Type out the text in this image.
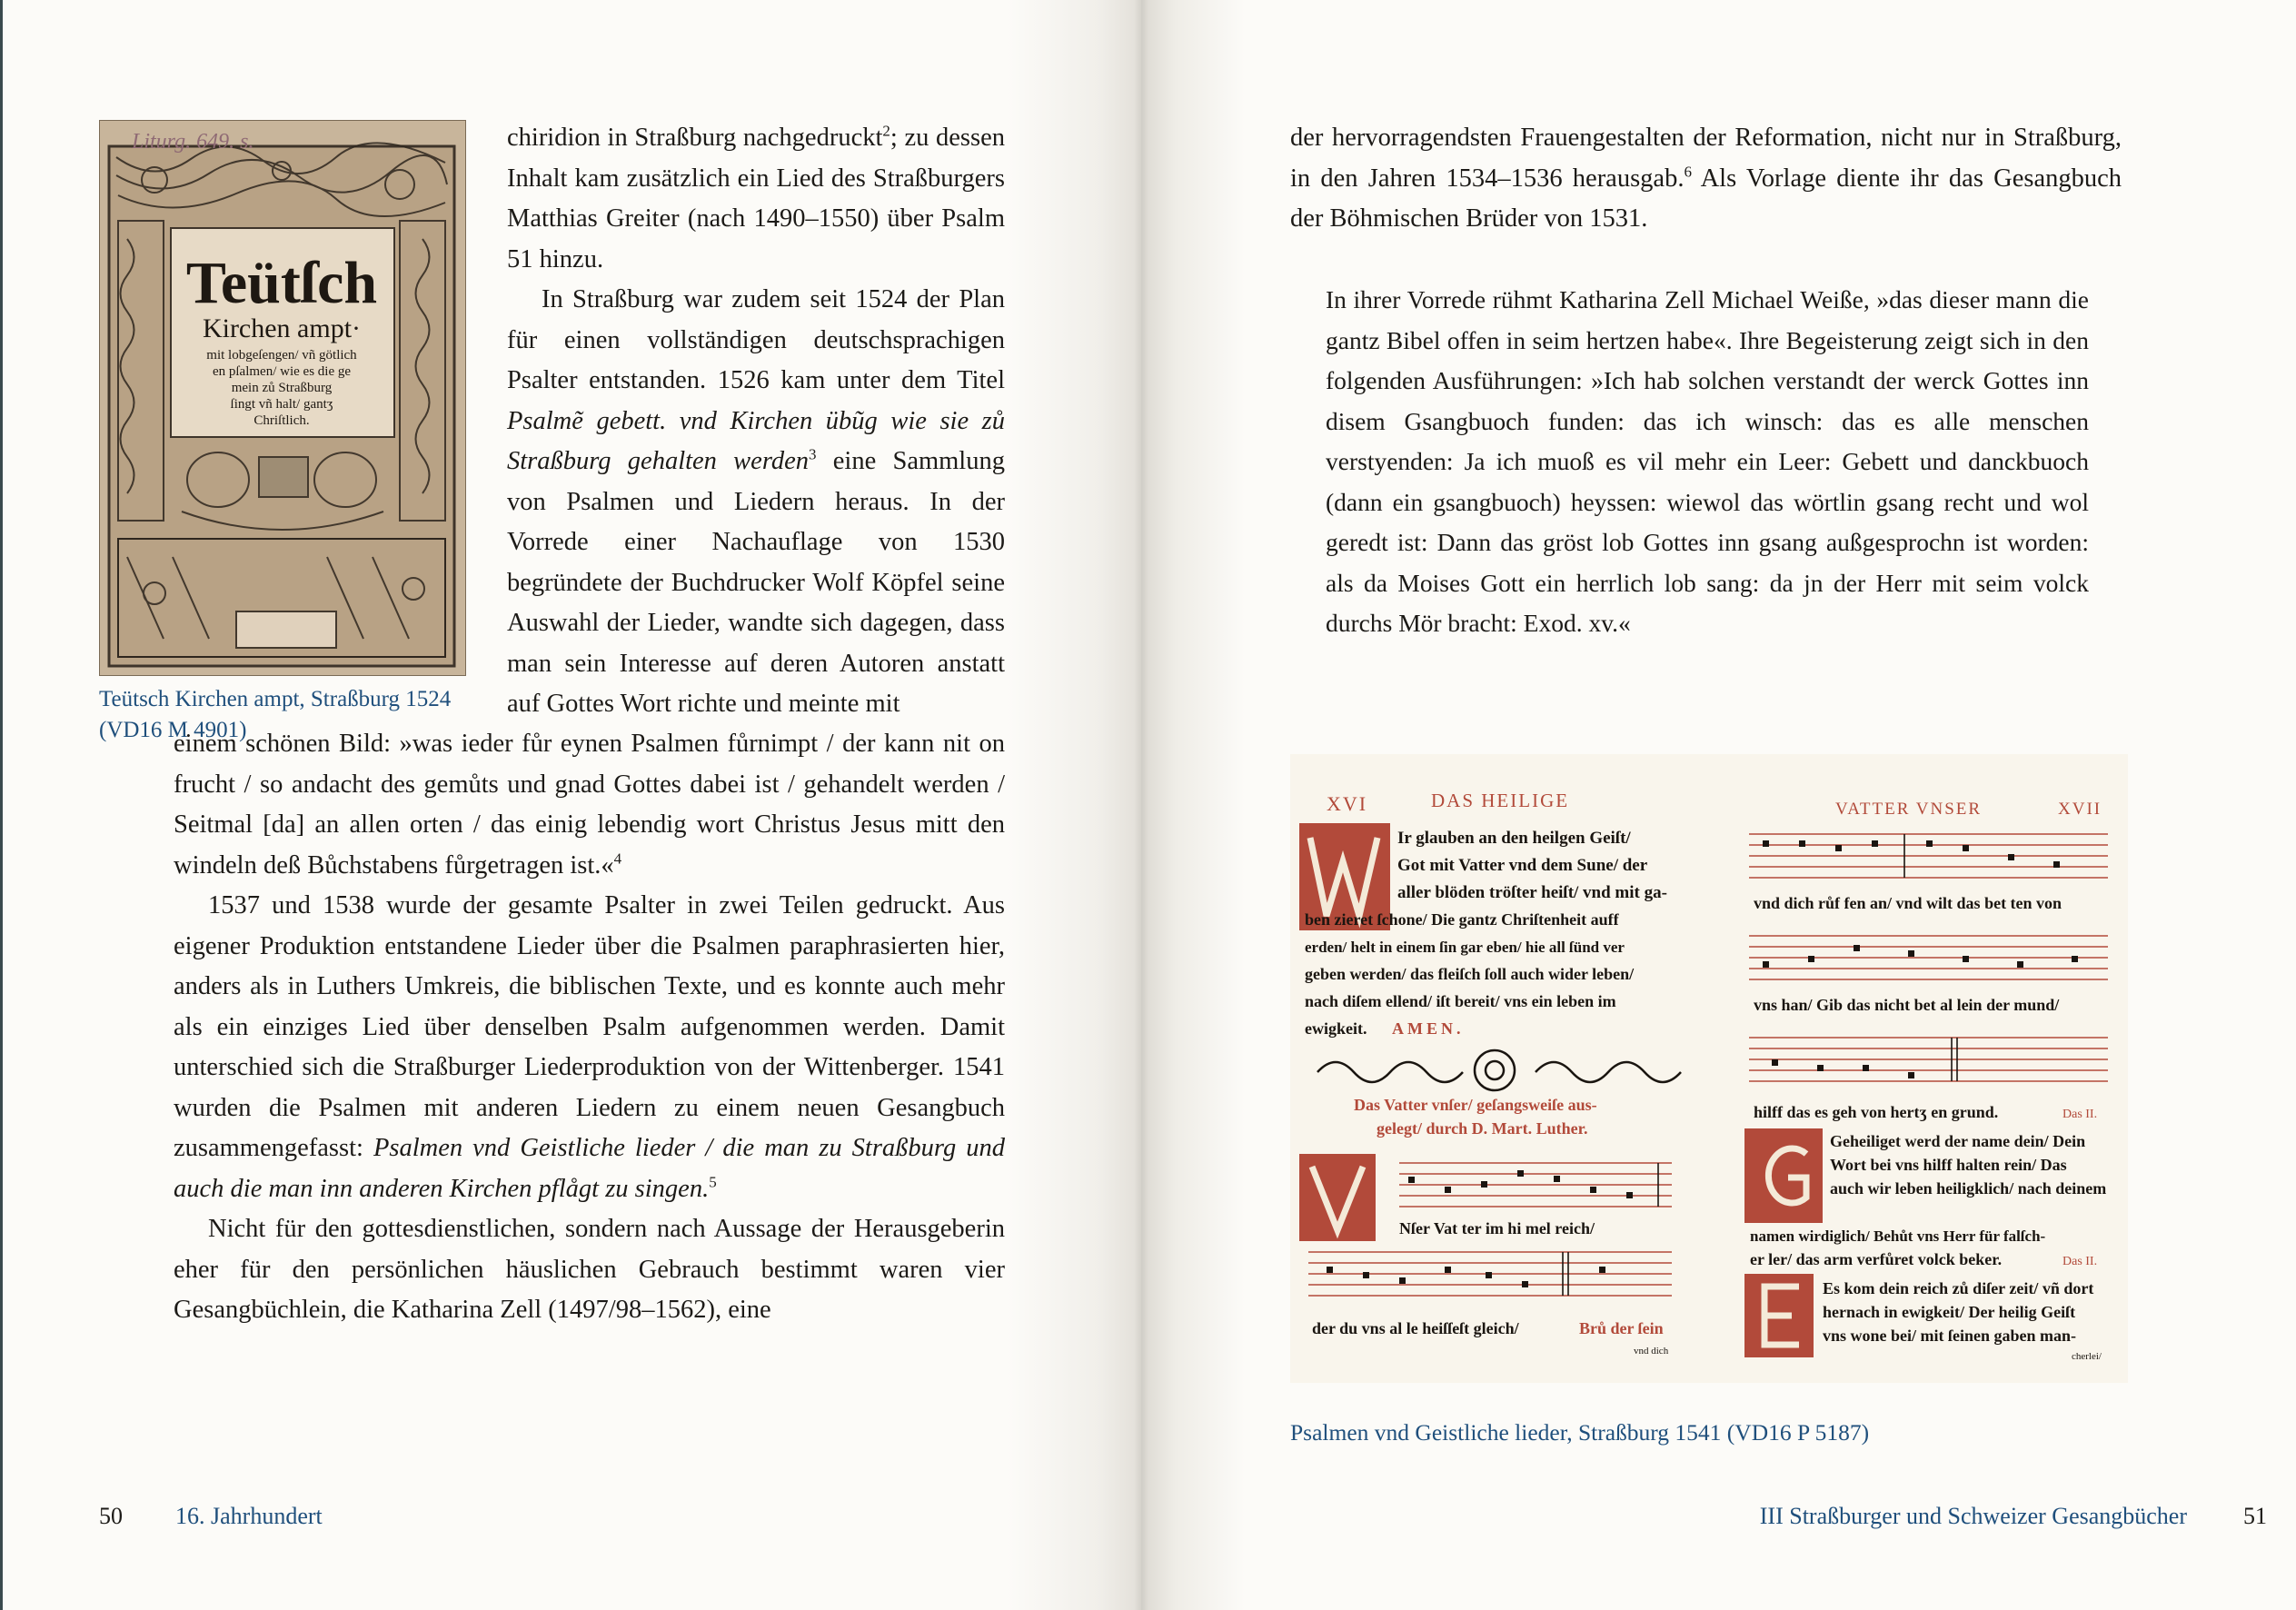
Liturg. 649. s.
Teütſch
Kirchen ampt·
mit lobgeſengen/ vñ götlich
en pſalmen/ wie es die ge
mein zů Straßburg
ſingt vñ halt/ gantʒ
Chriſtlich.
Teütsch Kirchen ampt, Straßburg 1524 (VD16 M 4901)

chiridion in Straßburg nachgedruckt$^2$; zu dessen Inhalt kam zusätzlich ein Lied des Straßburgers Matthias Greiter (nach 1490–1550) über Psalm 51 hinzu.

In Straßburg war zudem seit 1524 der Plan für einen vollständigen deutschsprachigen Psalter entstanden. 1526 kam unter dem Titel Psalmẽ gebett. vnd Kirchen übũg wie sie zů Straßburg gehalten werden$^3$ eine Sammlung von Psalmen und Liedern heraus. In der Vorrede einer Nachauflage von 1530 begründete der Buchdrucker Wolf Köpfel seine Auswahl der Lieder, wandte sich dagegen, dass man sein Interesse auf deren Autoren anstatt auf Gottes Wort richte und meinte mit

einem schönen Bild: »was ieder fůr eynen Psalmen fůrnimpt / der kann nit on frucht / so andacht des gemůts und gnad Gottes dabei ist / gehandelt werden / Seitmal [da] an allen orten / das einig lebendig wort Christus Jesus mitt den windeln deß Bůchstabens fůrgetragen ist.«$^4$

1537 und 1538 wurde der gesamte Psalter in zwei Teilen gedruckt. Aus eigener Produktion entstandene Lieder über die Psalmen paraphrasierten hier, anders als in Luthers Umkreis, die biblischen Texte, und es konnte auch mehr als ein einziges Lied über denselben Psalm aufgenommen werden. Damit unterschied sich die Straßburger Liederproduktion von der Wittenberger. 1541 wurden die Psalmen mit anderen Liedern zu einem neuen Gesangbuch zusammengefasst: Psalmen vnd Geistliche lieder / die man zu Straßburg und auch die man inn anderen Kirchen pflågt zu singen.$^5$

Nicht für den gottesdienstlichen, sondern nach Aussage der Herausgeberin eher für den persönlichen häuslichen Gebrauch bestimmt waren vier Gesangbüchlein, die Katharina Zell (1497/98–1562), eine

50 16. Jahrhundert

der hervorragendsten Frauengestalten der Reformation, nicht nur in Straßburg, in den Jahren 1534–1536 herausgab.$^6$ Als Vorlage diente ihr das Gesangbuch der Böhmischen Brüder von 1531.

In ihrer Vorrede rühmt Katharina Zell Michael Weiße, »das dieser mann die gantz Bibel offen in seim hertzen habe«. Ihre Begeisterung zeigt sich in den folgenden Ausführungen: »Ich hab solchen verstandt der werck Gottes inn disem Gsangbuoch funden: das ich winsch: das es alle menschen verstyenden: Ja ich muoß es vil mehr ein Leer: Gebett und danckbuoch (dann ein gsangbuoch) heyssen: wiewol das wörtlin gsang recht und wol geredt ist: Dann das gröst lob Gottes inn gsang außgesprochn ist worden: als da Moises Gott ein herrlich lob sang: da jn der Herr mit seim volck durchs Mör bracht: Exod. xv.«
XVI	DAS HEILIGE
Ir glauben an den heilgen Geiſt/
Got mit Vatter vnd dem Sune/ der
aller blöden tröſter heiſt/ vnd mit ga-
ben zieret ſchone/ Die gantz Chriſtenheit auff
erden/ helt in einem ſin gar eben/ hie all ſünd ver
geben werden/ das fleiſch ſoll auch wider leben/
nach diſem ellend/ iſt bereit/ vns ein leben im
ewigkeit. AMEN.
Das Vatter vnſer/ geſangsweiſe aus-
gelegt/ durch D. Mart. Luther.
Nſer Vat ter im hi mel reich/
der du vns al le heiſſeſt gleich/	Brů der ſein
vnd dich
VATTER VNSER	XVII
vnd dich růf fen an/ vnd wilt das bet ten von
vns han/ Gib das nicht bet al lein der mund/
hilff das es geh von hertʒ en grund.	Das II.
Geheiliget werd der name dein/ Dein
Wort bei vns hilff halten rein/ Das
auch wir leben heiligklich/ nach deinem
namen wirdiglich/ Behůt vns Herr für falſch-
er ler/ das arm verfůret volck beker.	Das II.
Es kom dein reich zů diſer zeit/ vñ dort
hernach in ewigkeit/ Der heilig Geiſt
vns wone bei/ mit ſeinen gaben man-
cherlei/
Psalmen vnd Geistliche lieder, Straßburg 1541 (VD16 P 5187)
III Straßburger und Schweizer Gesangbücher 51
